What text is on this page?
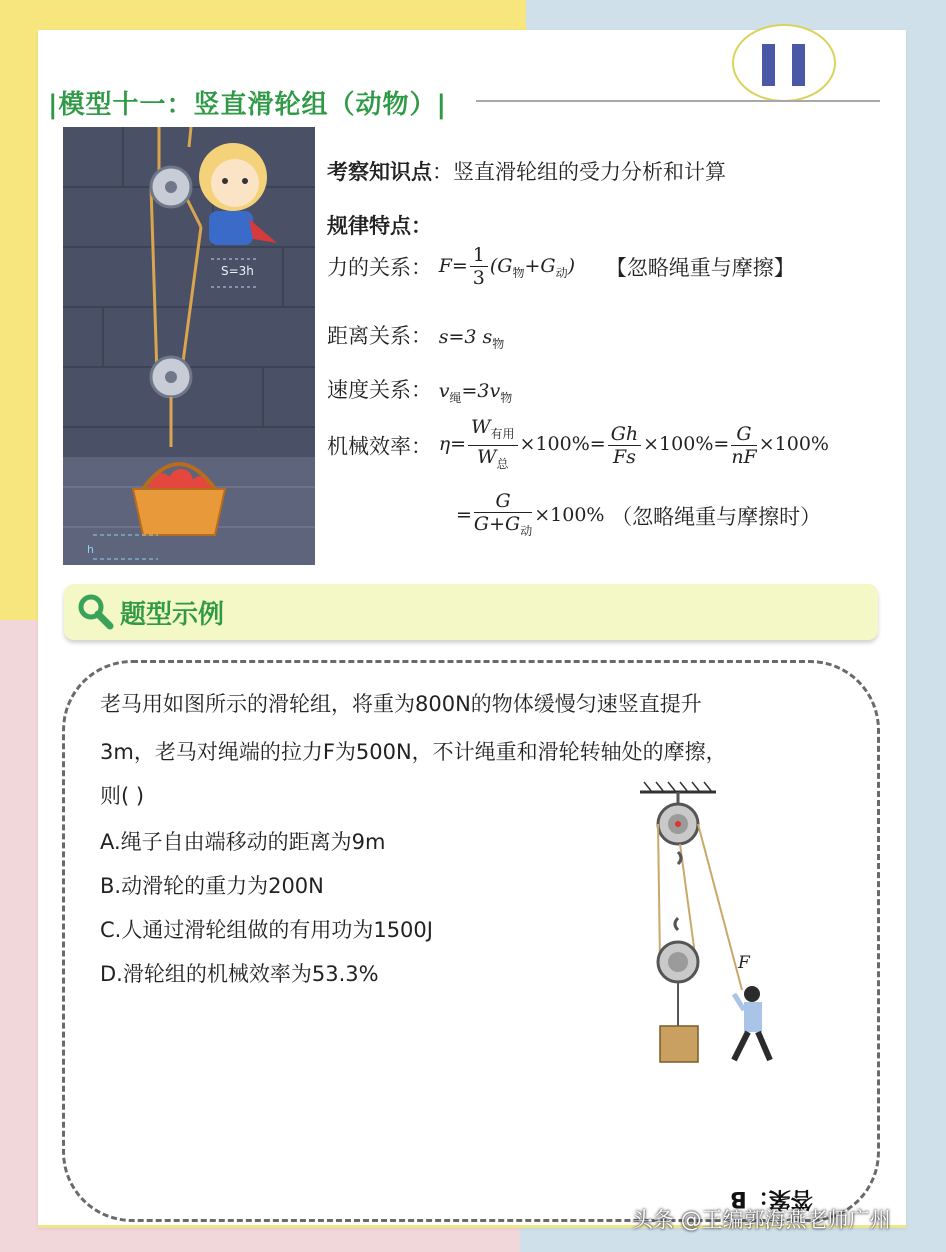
|模型十一：竖直滑轮组（动物）|
S=3h
h
考察知识点：竖直滑轮组的受力分析和计算
规律特点：
力的关系： $F= \frac{1}{3} (G_物+G_动)$ 【忽略绳重与摩擦】
距离关系： s=3 $s_物$
速度关系： $v_绳=3v_物$
机械效率： $\eta= \frac{W_{有用}}{W_总} \times 100\%= \frac{Gh}{Fs} \times 100\%= \frac{G}{nF} \times 100\%$
= $\frac{G}{G+G_动} \times 100\%$ （忽略绳重与摩擦时）
题型示例
老马用如图所示的滑轮组，将重为800N的物体缓慢匀速竖直提升
3m，老马对绳端的拉力F为500N，不计绳重和滑轮转轴处的摩擦，
则( )
A.绳子自由端移动的距离为9m
B.动滑轮的重力为200N
C.人通过滑轮组做的有用功为1500J
D.滑轮组的机械效率为53.3%	F
答案：B
头条 @王编郭海燕老师广州
